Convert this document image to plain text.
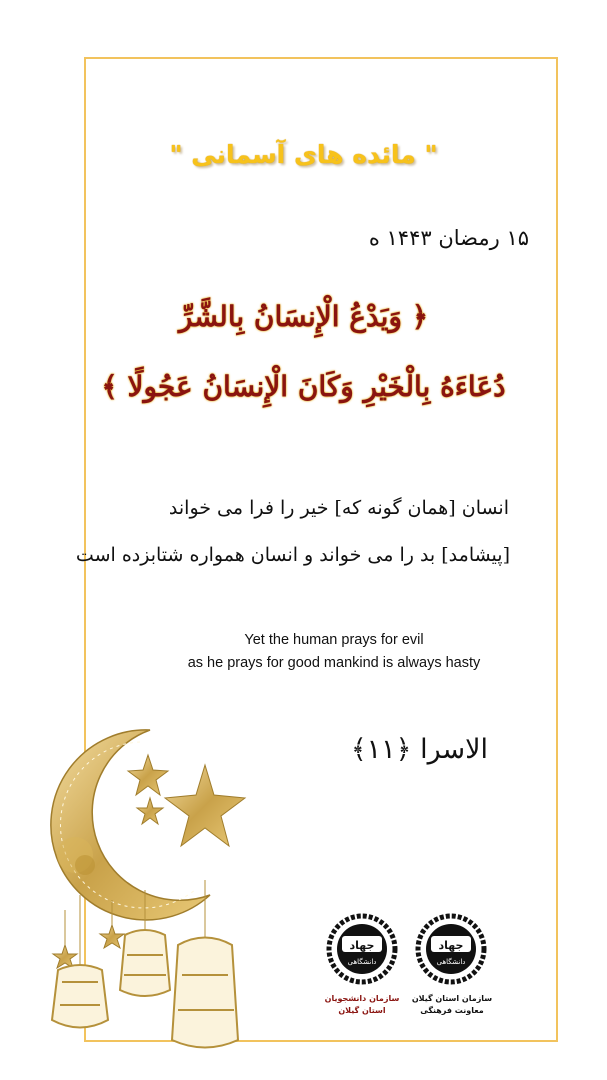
" مائده های آسمانی "
۱۵ رمضان ۱۴۴۳ ه
﴿ وَيَدْعُ الْإِنسَانُ بِالشَّرِّ
دُعَاءَهُ بِالْخَيْرِ وَكَانَ الْإِنسَانُ عَجُولًا ﴾
انسان [همان گونه که] خیر را فرا می خواند
[پیشامد] بد را می خواند و انسان همواره شتابزده است
Yet the human prays for evil
as he prays for good mankind is always hasty
الاسرا ﴿۱۱﴾
جهاد
دانشگاهی
سازمان دانشجویان
استان گیلان
جهاد
دانشگاهی
سازمان استان گیلان
معاونت فرهنگی
